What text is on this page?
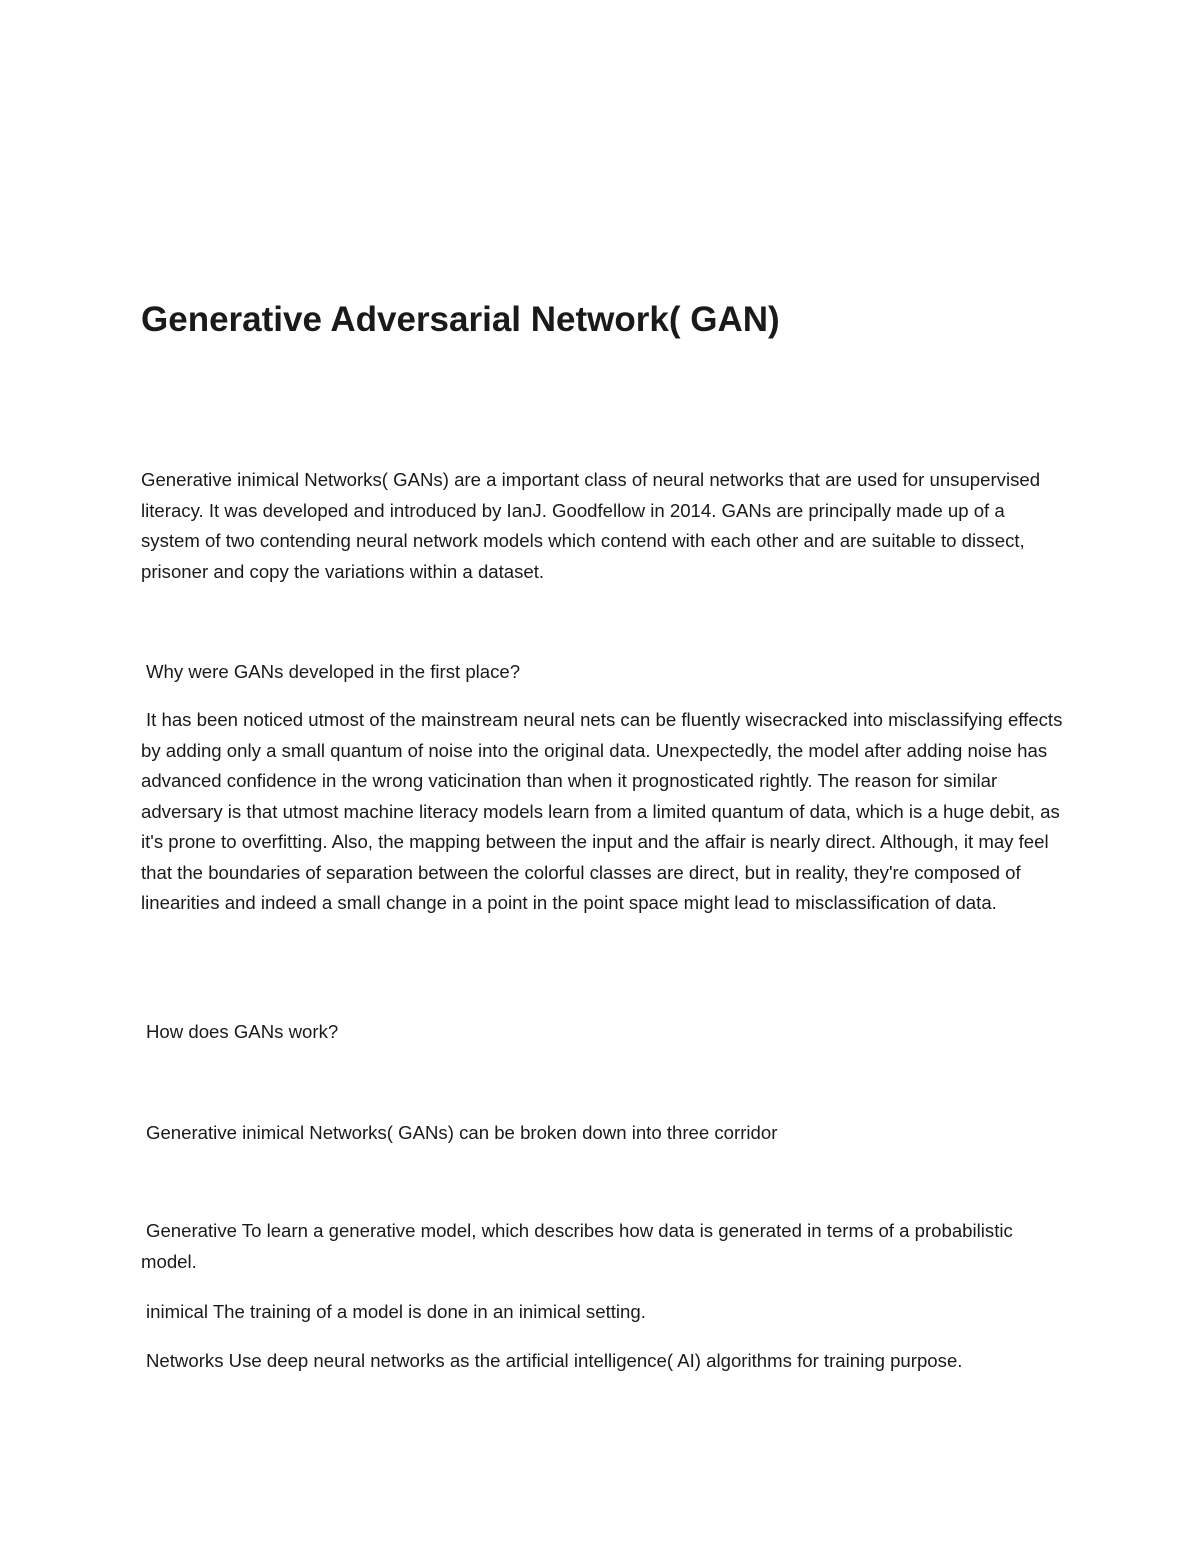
Generative Adversarial Network( GAN)

Generative inimical Networks( GANs) are a important class of neural networks that are used for unsupervised literacy. It was developed and introduced by IanJ. Goodfellow in 2014. GANs are principally made up of a system of two contending neural network models which contend with each other and are suitable to dissect, prisoner and copy the variations within a dataset.

Why were GANs developed in the first place?

It has been noticed utmost of the mainstream neural nets can be fluently wisecracked into misclassifying effects by adding only a small quantum of noise into the original data. Unexpectedly, the model after adding noise has advanced confidence in the wrong vaticination than when it prognosticated rightly. The reason for similar adversary is that utmost machine literacy models learn from a limited quantum of data, which is a huge debit, as it's prone to overfitting. Also, the mapping between the input and the affair is nearly direct. Although, it may feel that the boundaries of separation between the colorful classes are direct, but in reality, they're composed of linearities and indeed a small change in a point in the point space might lead to misclassification of data.

How does GANs work?

Generative inimical Networks( GANs) can be broken down into three corridor

Generative To learn a generative model, which describes how data is generated in terms of a probabilistic model.

inimical The training of a model is done in an inimical setting.

Networks Use deep neural networks as the artificial intelligence( AI) algorithms for training purpose.
